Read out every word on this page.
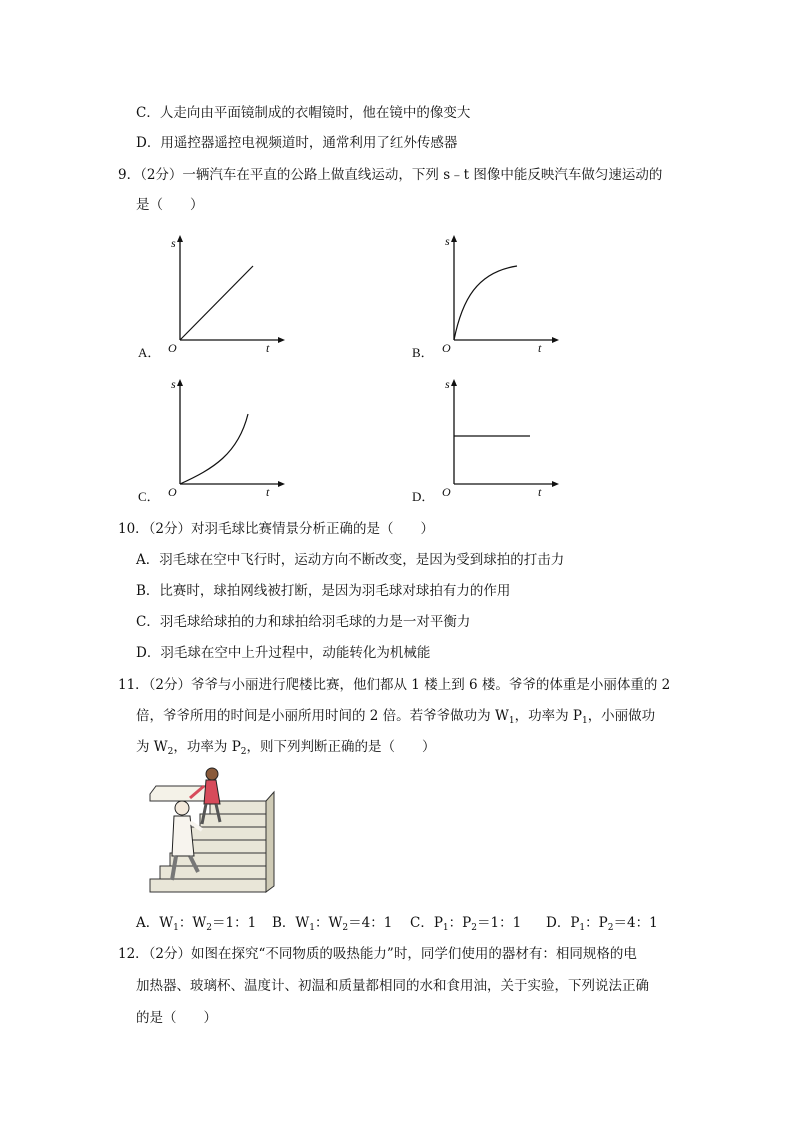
C．人走向由平面镜制成的衣帽镜时，他在镜中的像变大
D．用遥控器遥控电视频道时，通常利用了红外传感器
9．（2分）一辆汽车在平直的公路上做直线运动，下列 s﹣t 图像中能反映汽车做匀速运动的
是（　　）
s
t
O
A．
s
t
O
B．
s
t
O
C．
s
t
O
D．
10．（2分）对羽毛球比赛情景分析正确的是（　　）
A．羽毛球在空中飞行时，运动方向不断改变，是因为受到球拍的打击力
B．比赛时，球拍网线被打断，是因为羽毛球对球拍有力的作用
C．羽毛球给球拍的力和球拍给羽毛球的力是一对平衡力
D．羽毛球在空中上升过程中，动能转化为机械能
11．（2分）爷爷与小丽进行爬楼比赛，他们都从 1 楼上到 6 楼。爷爷的体重是小丽体重的 2
倍，爷爷所用的时间是小丽所用时间的 2 倍。若爷爷做功为 $W_1$，功率为 $P_1$，小丽做功
为 $W_2$，功率为 $P_2$，则下列判断正确的是（　　）
A．$W_1$：$W_2=1$：1 B．$W_1$：$W_2=4$：1 C．$P_1$：$P_2=1$：1 D．$P_1$：$P_2=4$：1
12．（2分）如图在探究“不同物质的吸热能力”时，同学们使用的器材有：相同规格的电
加热器、玻璃杯、温度计、初温和质量都相同的水和食用油，关于实验，下列说法正确
的是（　　）
